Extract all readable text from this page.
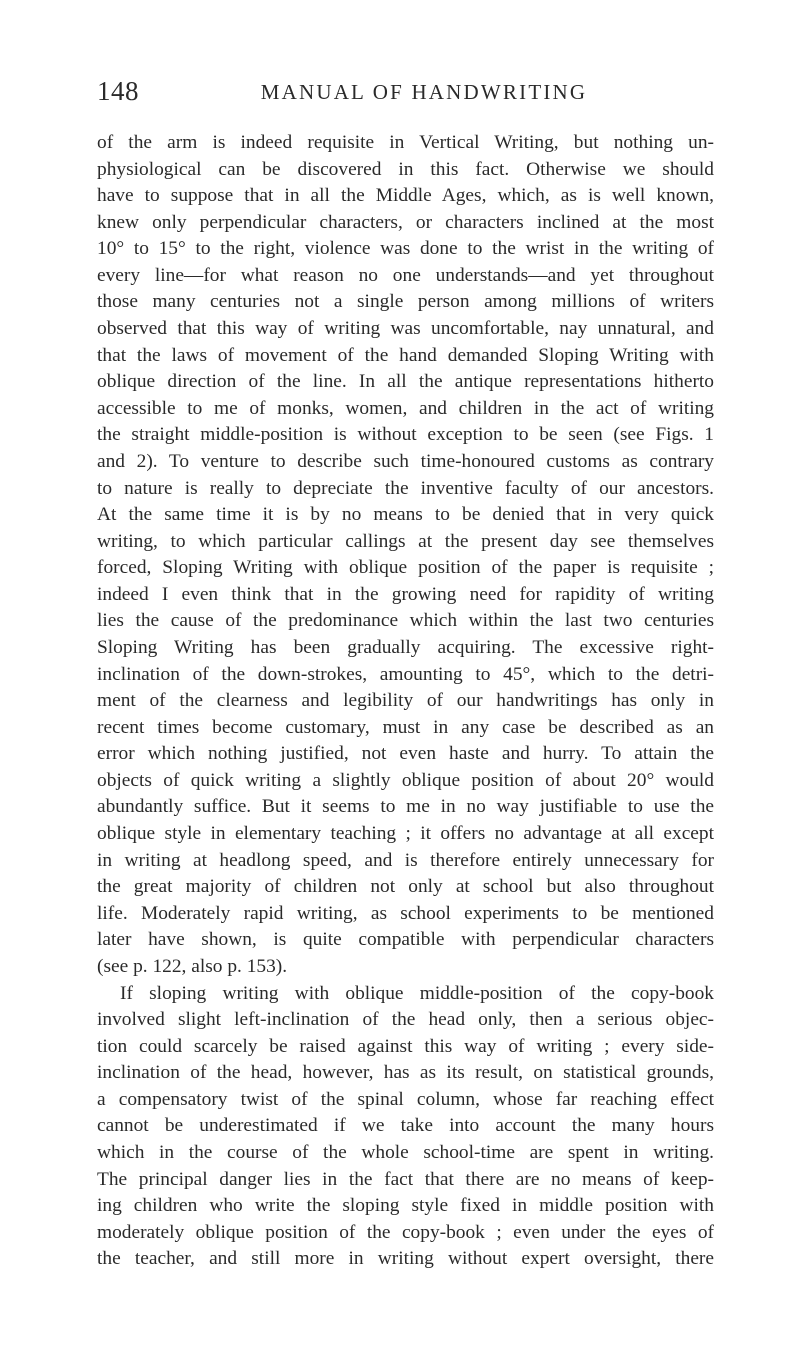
148	MANUAL OF HANDWRITING
of the arm is indeed requisite in Vertical Writing, but nothing un-
physiological can be discovered in this fact. Otherwise we should
have to suppose that in all the Middle Ages, which, as is well known,
knew only perpendicular characters, or characters inclined at the most
10° to 15° to the right, violence was done to the wrist in the writing of
every line—for what reason no one understands—and yet throughout
those many centuries not a single person among millions of writers
observed that this way of writing was uncomfortable, nay unnatural, and
that the laws of movement of the hand demanded Sloping Writing with
oblique direction of the line. In all the antique representations hitherto
accessible to me of monks, women, and children in the act of writing
the straight middle-position is without exception to be seen (see Figs. 1
and 2). To venture to describe such time-honoured customs as contrary
to nature is really to depreciate the inventive faculty of our ancestors.
At the same time it is by no means to be denied that in very quick
writing, to which particular callings at the present day see themselves
forced, Sloping Writing with oblique position of the paper is requisite ;
indeed I even think that in the growing need for rapidity of writing
lies the cause of the predominance which within the last two centuries
Sloping Writing has been gradually acquiring. The excessive right-
inclination of the down-strokes, amounting to 45°, which to the detri-
ment of the clearness and legibility of our handwritings has only in
recent times become customary, must in any case be described as an
error which nothing justified, not even haste and hurry. To attain the
objects of quick writing a slightly oblique position of about 20° would
abundantly suffice. But it seems to me in no way justifiable to use the
oblique style in elementary teaching ; it offers no advantage at all except
in writing at headlong speed, and is therefore entirely unnecessary for
the great majority of children not only at school but also throughout
life. Moderately rapid writing, as school experiments to be mentioned
later have shown, is quite compatible with perpendicular characters
(see p. 122, also p. 153).
If sloping writing with oblique middle-position of the copy-book
involved slight left-inclination of the head only, then a serious objec-
tion could scarcely be raised against this way of writing ; every side-
inclination of the head, however, has as its result, on statistical grounds,
a compensatory twist of the spinal column, whose far reaching effect
cannot be underestimated if we take into account the many hours
which in the course of the whole school-time are spent in writing.
The principal danger lies in the fact that there are no means of keep-
ing children who write the sloping style fixed in middle position with
moderately oblique position of the copy-book ; even under the eyes of
the teacher, and still more in writing without expert oversight, there
